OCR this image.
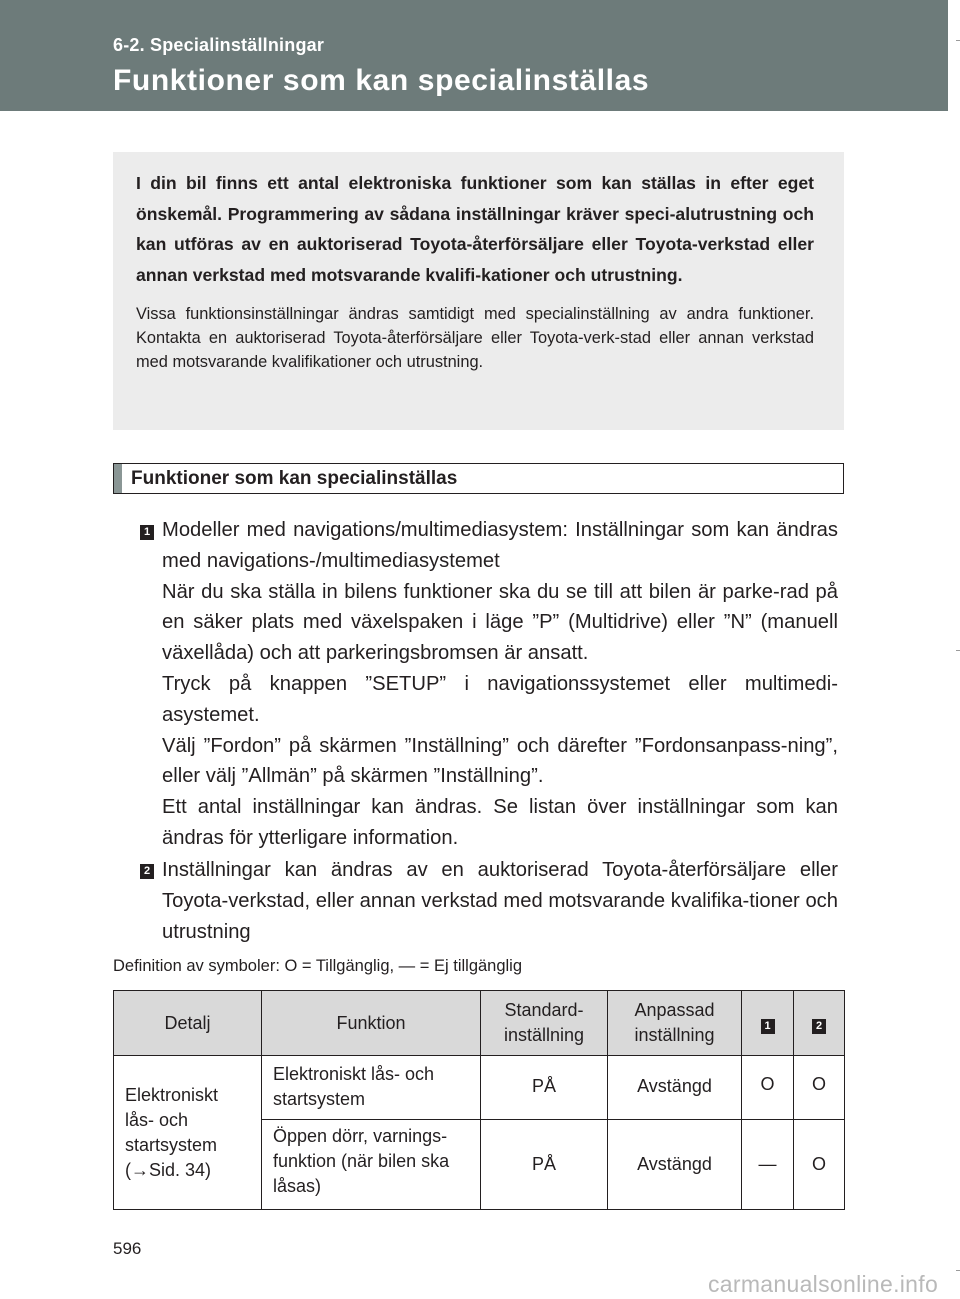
6-2. Specialinställningar
Funktioner som kan specialinställas

I din bil finns ett antal elektroniska funktioner som kan ställas in efter eget önskemål. Programmering av sådana inställningar kräver speci-alutrustning och kan utföras av en auktoriserad Toyota-återförsäljare eller Toyota-verkstad eller annan verkstad med motsvarande kvalifi-kationer och utrustning.

Vissa funktionsinställningar ändras samtidigt med specialinställning av andra funktioner. Kontakta en auktoriserad Toyota-återförsäljare eller Toyota-verk-stad eller annan verkstad med motsvarande kvalifikationer och utrustning.

Funktioner som kan specialinställas
1 Modeller med navigations/multimediasystem: Inställningar som kan ändras med navigations-/multimediasystemet

När du ska ställa in bilens funktioner ska du se till att bilen är parke-rad på en säker plats med växelspaken i läge ”P” (Multidrive) eller ”N” (manuell växellåda) och att parkeringsbromsen är ansatt.

Tryck på knappen ”SETUP” i navigationssystemet eller multimedi-asystemet.

Välj ”Fordon” på skärmen ”Inställning” och därefter ”Fordonsanpass-ning”, eller välj ”Allmän” på skärmen ”Inställning”.

Ett antal inställningar kan ändras. Se listan över inställningar som kan ändras för ytterligare information.

2 Inställningar kan ändras av en auktoriserad Toyota-återförsäljare eller Toyota-verkstad, eller annan verkstad med motsvarande kvalifika-tioner och utrustning

Definition av symboler: O = Tillgänglig, — = Ej tillgänglig
Detalj	Funktion	Standard-inställning	Anpassad inställning	1	2
Elektroniskt lås- och startsystem (→Sid. 34)	Elektroniskt lås- och startsystem	PÅ	Avstängd	O	O
	Öppen dörr, varnings-funktion (när bilen ska låsas)	PÅ	Avstängd	—	O
596
carmanualsonline.info
